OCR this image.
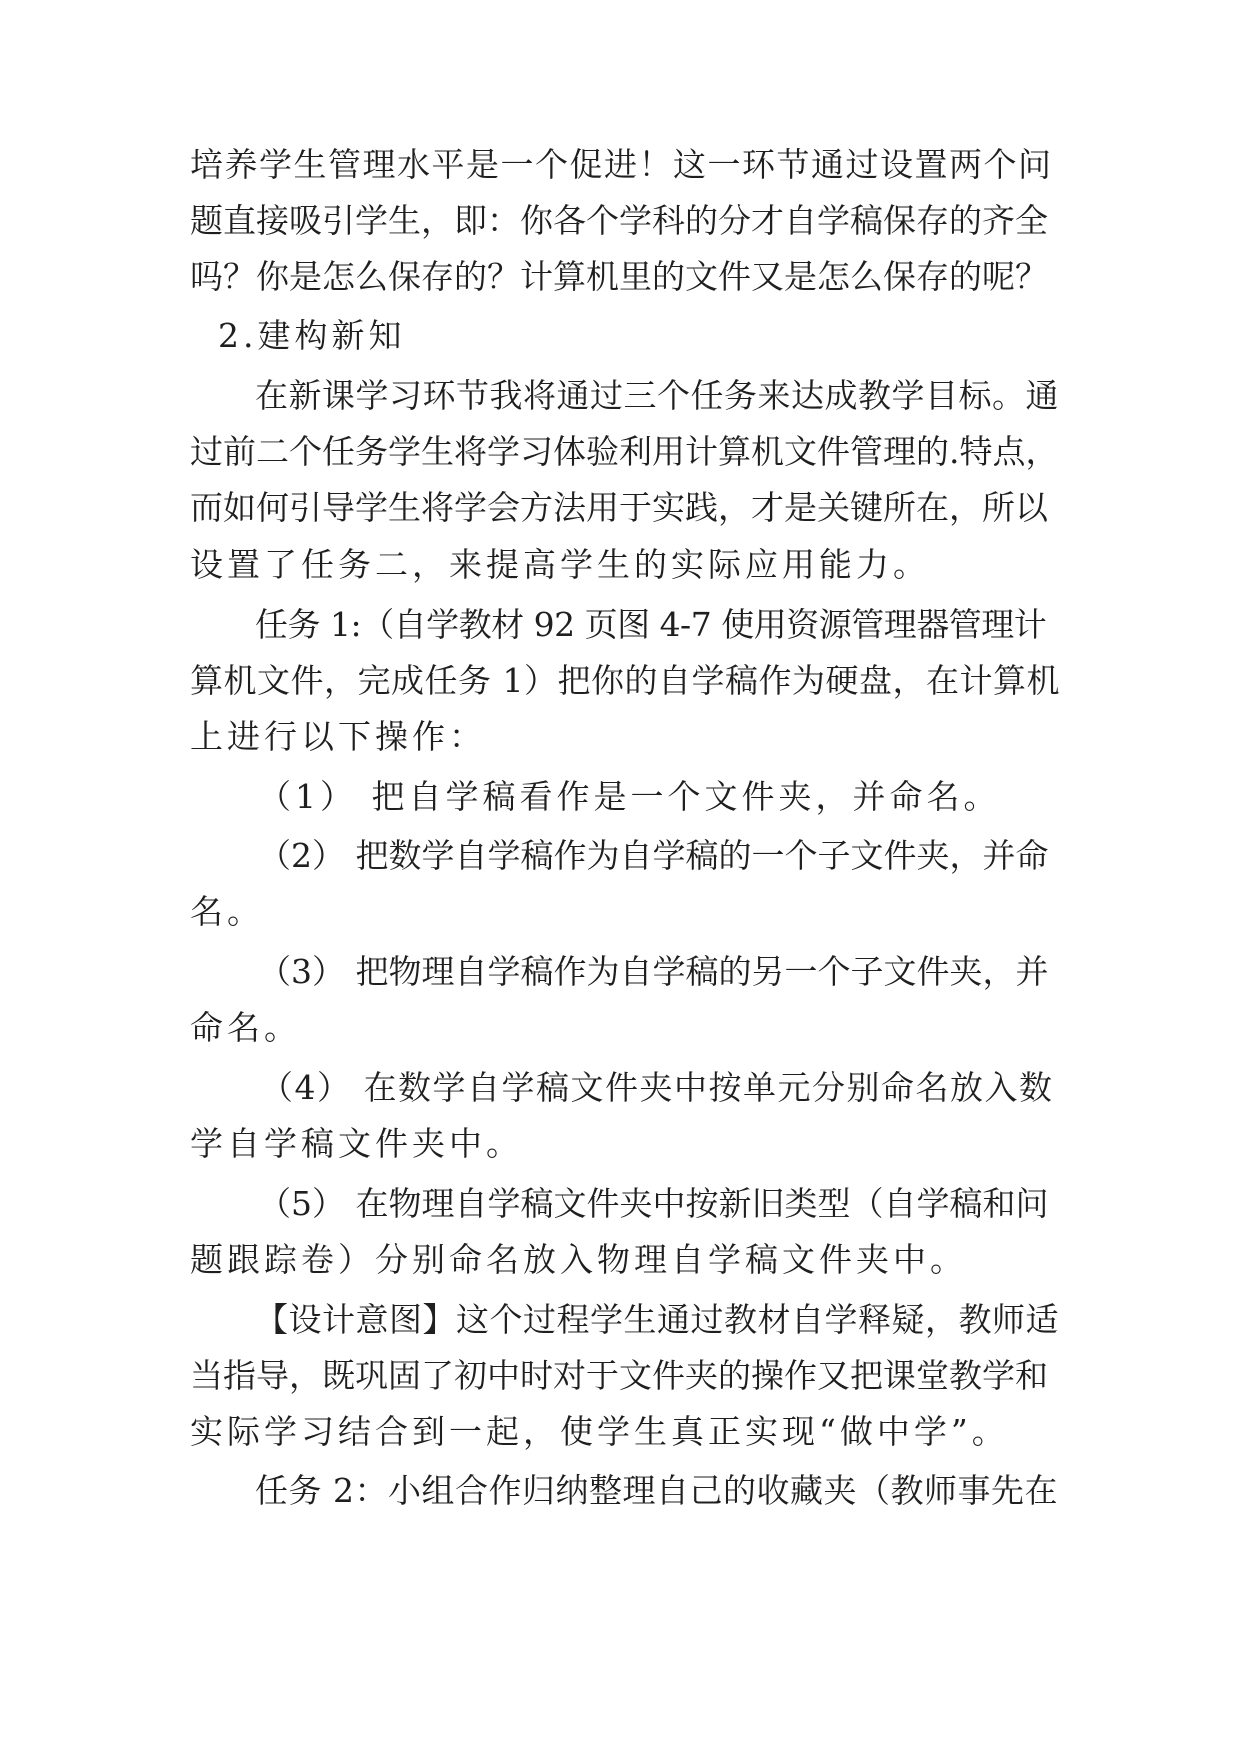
培养学生管理水平是一个促进！这一环节通过设置两个问

题直接吸引学生，即：你各个学科的分才自学稿保存的齐全

吗？你是怎么保存的？计算机里的文件又是怎么保存的呢？

2.建构新知

在新课学习环节我将通过三个任务来达成教学目标。通

过前二个任务学生将学习体验利用计算机文件管理的.特点，

而如何引导学生将学会方法用于实践，才是关键所在，所以

设置了任务二，来提高学生的实际应用能力。

任务 1:（自学教材 92 页图 4-7 使用资源管理器管理计

算机文件，完成任务 1）把你的自学稿作为硬盘，在计算机

上进行以下操作：

（1） 把自学稿看作是一个文件夹，并命名。

（2） 把数学自学稿作为自学稿的一个子文件夹，并命

名。

（3） 把物理自学稿作为自学稿的另一个子文件夹，并

命名。

（4） 在数学自学稿文件夹中按单元分别命名放入数

学自学稿文件夹中。

（5） 在物理自学稿文件夹中按新旧类型（自学稿和问

题跟踪卷）分别命名放入物理自学稿文件夹中。

【设计意图】这个过程学生通过教材自学释疑，教师适

当指导，既巩固了初中时对于文件夹的操作又把课堂教学和

实际学习结合到一起，使学生真正实现“做中学”。

任务 2：小组合作归纳整理自己的收藏夹（教师事先在
